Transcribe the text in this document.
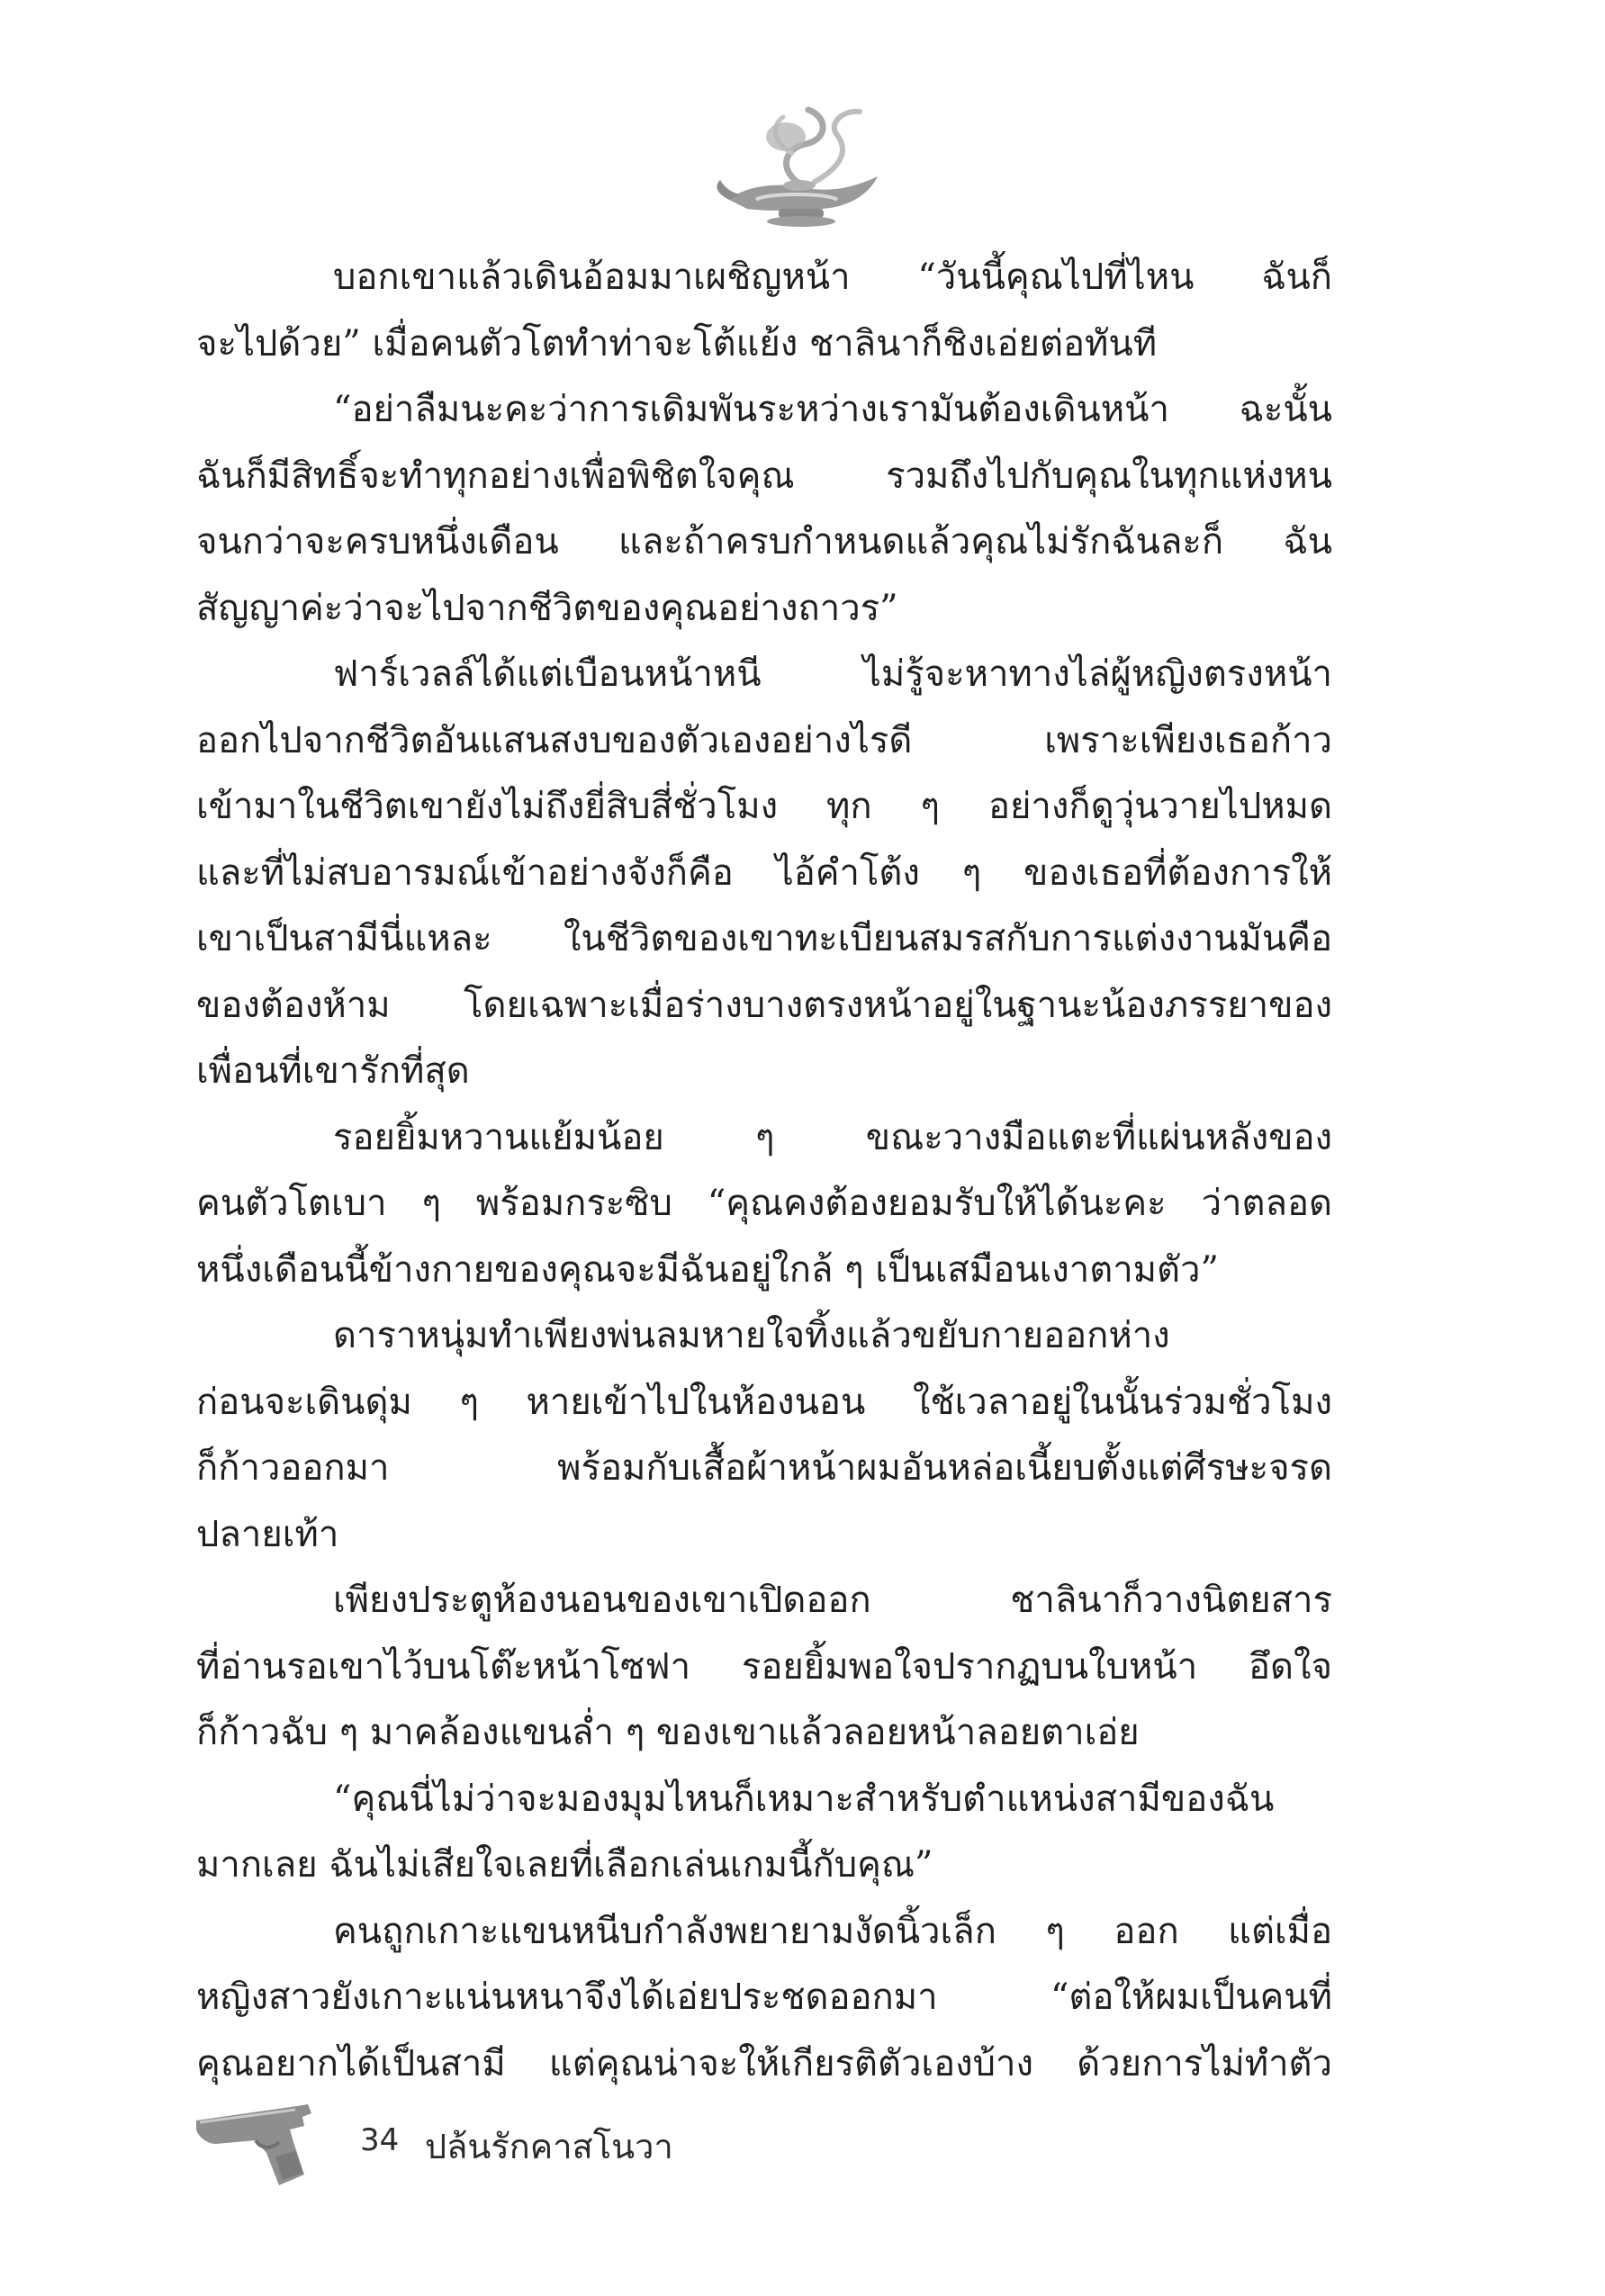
บอกเขาแล้วเดินอ้อมมาเผชิญหน้า “วันนี้คุณไปที่ไหน ฉันก็
จะไปด้วย” เมื่อคนตัวโตทำท่าจะโต้แย้ง ชาลินาก็ชิงเอ่ยต่อทันที
“อย่าลืมนะคะว่าการเดิมพันระหว่างเรามันต้องเดินหน้า ฉะนั้น
ฉันก็มีสิทธิ์จะทำทุกอย่างเพื่อพิชิตใจคุณ รวมถึงไปกับคุณในทุกแห่งหน
จนกว่าจะครบหนึ่งเดือน และถ้าครบกำหนดแล้วคุณไม่รักฉันละก็ ฉัน
สัญญาค่ะว่าจะไปจากชีวิตของคุณอย่างถาวร”
ฟาร์เวลล์ได้แต่เบือนหน้าหนี ไม่รู้จะหาทางไล่ผู้หญิงตรงหน้า
ออกไปจากชีวิตอันแสนสงบของตัวเองอย่างไรดี เพราะเพียงเธอก้าว
เข้ามาในชีวิตเขายังไม่ถึงยี่สิบสี่ชั่วโมง ทุก ๆ อย่างก็ดูวุ่นวายไปหมด
และที่ไม่สบอารมณ์เข้าอย่างจังก็คือ ไอ้คำโต้ง ๆ ของเธอที่ต้องการให้
เขาเป็นสามีนี่แหละ ในชีวิตของเขาทะเบียนสมรสกับการแต่งงานมันคือ
ของต้องห้าม โดยเฉพาะเมื่อร่างบางตรงหน้าอยู่ในฐานะน้องภรรยาของ
เพื่อนที่เขารักที่สุด
รอยยิ้มหวานแย้มน้อย ๆ ขณะวางมือแตะที่แผ่นหลังของ
คนตัวโตเบา ๆ พร้อมกระซิบ “คุณคงต้องยอมรับให้ได้นะคะ ว่าตลอด
หนึ่งเดือนนี้ข้างกายของคุณจะมีฉันอยู่ใกล้ ๆ เป็นเสมือนเงาตามตัว”
ดาราหนุ่มทำเพียงพ่นลมหายใจทิ้งแล้วขยับกายออกห่าง
ก่อนจะเดินดุ่ม ๆ หายเข้าไปในห้องนอน ใช้เวลาอยู่ในนั้นร่วมชั่วโมง
ก็ก้าวออกมา พร้อมกับเสื้อผ้าหน้าผมอันหล่อเนี้ยบตั้งแต่ศีรษะจรด
ปลายเท้า
เพียงประตูห้องนอนของเขาเปิดออก ชาลินาก็วางนิตยสาร
ที่อ่านรอเขาไว้บนโต๊ะหน้าโซฟา รอยยิ้มพอใจปรากฏบนใบหน้า อึดใจ
ก็ก้าวฉับ ๆ มาคล้องแขนล่ำ ๆ ของเขาแล้วลอยหน้าลอยตาเอ่ย
“คุณนี่ไม่ว่าจะมองมุมไหนก็เหมาะสำหรับตำแหน่งสามีของฉัน
มากเลย ฉันไม่เสียใจเลยที่เลือกเล่นเกมนี้กับคุณ”
คนถูกเกาะแขนหนีบกำลังพยายามงัดนิ้วเล็ก ๆ ออก แต่เมื่อ
หญิงสาวยังเกาะแน่นหนาจึงได้เอ่ยประชดออกมา “ต่อให้ผมเป็นคนที่
คุณอยากได้เป็นสามี แต่คุณน่าจะให้เกียรติตัวเองบ้าง ด้วยการไม่ทำตัว
34 ปล้นรักคาสโนวา
